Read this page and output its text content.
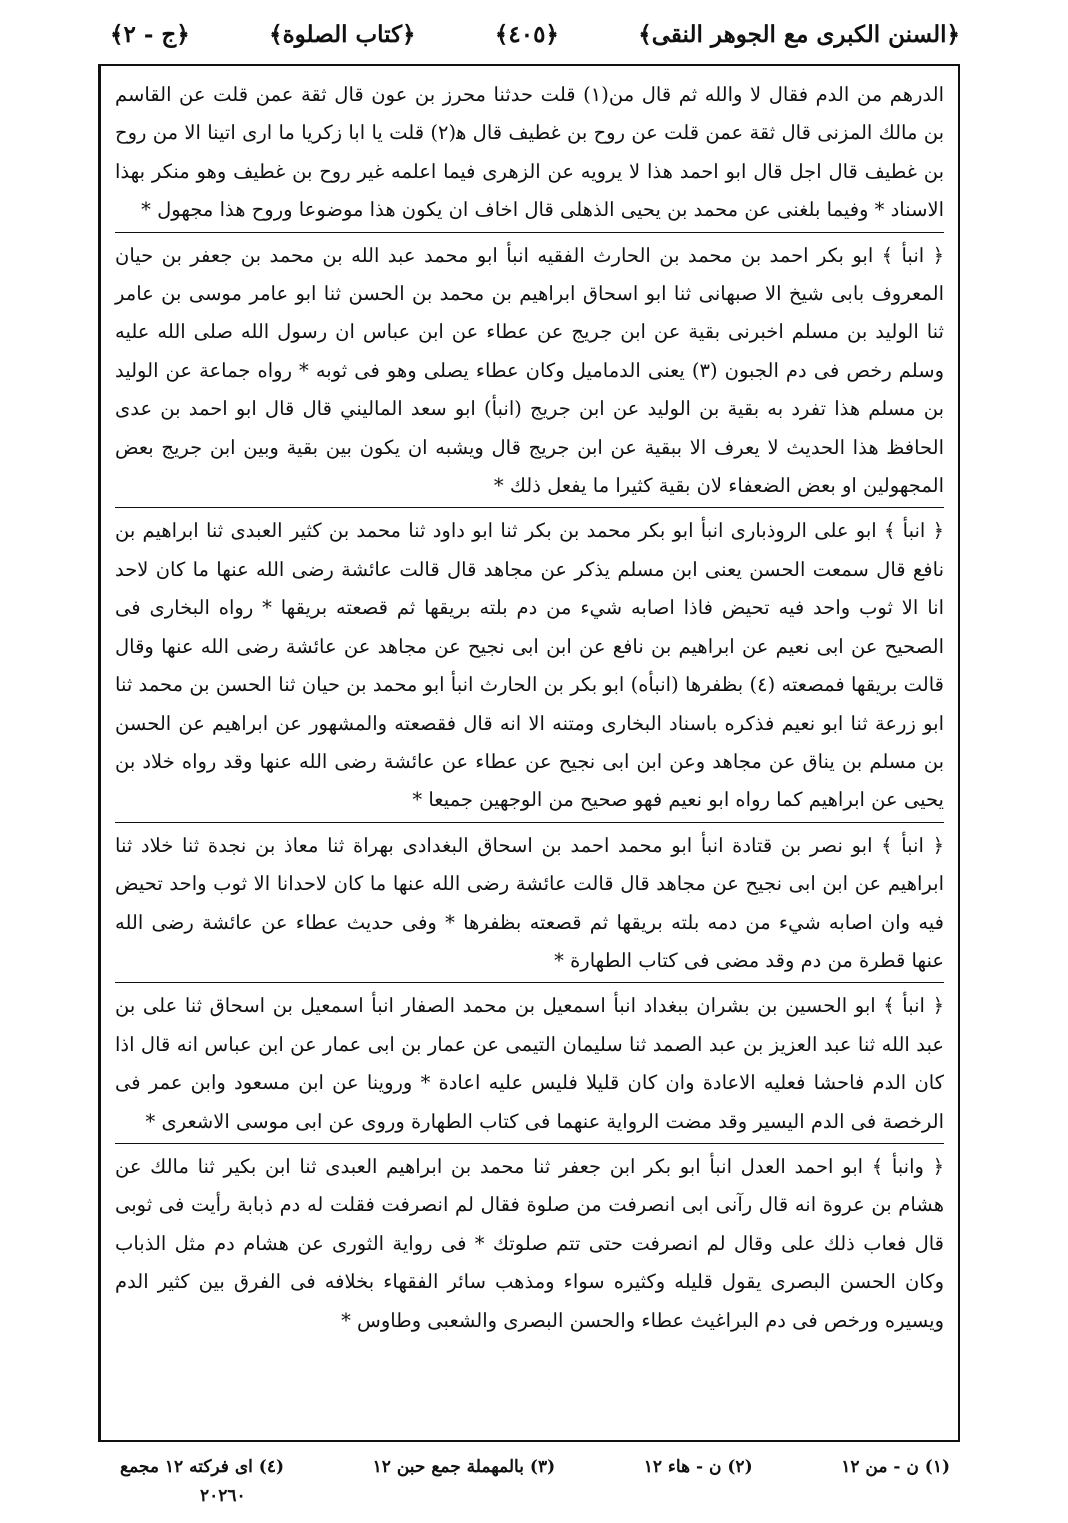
﴿السنن الكبرى مع الجوهر النقى﴾
﴿٤٠٥﴾
﴿كتاب الصلوة﴾
﴿ج - ٢﴾

الدرهم من الدم فقال لا والله ثم قال من(١) قلت حدثنا محرز بن عون قال ثقة عمن قلت عن القاسم بن مالك المزنى قال ثقة عمن قلت عن روح بن غطيف قال ه‍(٢) قلت يا ابا زكريا ما ارى اتينا الا من روح بن غطيف قال اجل قال ابو احمد هذا لا يرويه عن الزهرى فيما اعلمه غير روح بن غطيف وهو منكر بهذا الاسناد * وفيما بلغنى عن محمد بن يحيى الذهلى قال اخاف ان يكون هذا موضوعا وروح هذا مجهول *

﴿ انبأ ﴾ ابو بكر احمد بن محمد بن الحارث الفقيه انبأ ابو محمد عبد الله بن محمد بن جعفر بن حيان المعروف بابى شيخ الا صبهانى ثنا ابو اسحاق ابراهيم بن محمد بن الحسن ثنا ابو عامر موسى بن عامر ثنا الوليد بن مسلم اخبرنى بقية عن ابن جريج عن عطاء عن ابن عباس ان رسول الله صلى الله عليه وسلم رخص فى دم الجبون (٣) يعنى الدماميل وكان عطاء يصلى وهو فى ثوبه * رواه جماعة عن الوليد بن مسلم هذا تفرد به بقية بن الوليد عن ابن جريج (انبأ) ابو سعد الماليني قال قال ابو احمد بن عدى الحافظ هذا الحديث لا يعرف الا ببقية عن ابن جريج قال ويشبه ان يكون بين بقية وبين ابن جريج بعض المجهولين او بعض الضعفاء لان بقية كثيرا ما يفعل ذلك *

﴿ انبأ ﴾ ابو على الروذبارى انبأ ابو بكر محمد بن بكر ثنا ابو داود ثنا محمد بن كثير العبدى ثنا ابراهيم بن نافع قال سمعت الحسن يعنى ابن مسلم يذكر عن مجاهد قال قالت عائشة رضى الله عنها ما كان لاحد انا الا ثوب واحد فيه تحيض فاذا اصابه شيء من دم بلته بريقها ثم قصعته بريقها * رواه البخارى فى الصحيح عن ابى نعيم عن ابراهيم بن نافع عن ابن ابى نجيح عن مجاهد عن عائشة رضى الله عنها وقال قالت بريقها فمصعته (٤) بظفرها (انبأه) ابو بكر بن الحارث انبأ ابو محمد بن حيان ثنا الحسن بن محمد ثنا ابو زرعة ثنا ابو نعيم فذكره باسناد البخارى ومتنه الا انه قال فقصعته والمشهور عن ابراهيم عن الحسن بن مسلم بن يناق عن مجاهد وعن ابن ابى نجيح عن عطاء عن عائشة رضى الله عنها وقد رواه خلاد بن يحيى عن ابراهيم كما رواه ابو نعيم فهو صحيح من الوجهين جميعا *

﴿ انبأ ﴾ ابو نصر بن قتادة انبأ ابو محمد احمد بن اسحاق البغدادى بهراة ثنا معاذ بن نجدة ثنا خلاد ثنا ابراهيم عن ابن ابى نجيح عن مجاهد قال قالت عائشة رضى الله عنها ما كان لاحدانا الا ثوب واحد تحيض فيه وان اصابه شيء من دمه بلته بريقها ثم قصعته بظفرها * وفى حديث عطاء عن عائشة رضى الله عنها قطرة من دم وقد مضى فى كتاب الطهارة *

﴿ انبأ ﴾ ابو الحسين بن بشران ببغداد انبأ اسمعيل بن محمد الصفار انبأ اسمعيل بن اسحاق ثنا على بن عبد الله ثنا عبد العزيز بن عبد الصمد ثنا سليمان التيمى عن عمار بن ابى عمار عن ابن عباس انه قال اذا كان الدم فاحشا فعليه الاعادة وان كان قليلا فليس عليه اعادة * وروينا عن ابن مسعود وابن عمر فى الرخصة فى الدم اليسير وقد مضت الرواية عنهما فى كتاب الطهارة وروى عن ابى موسى الاشعرى *

﴿ وانبأ ﴾ ابو احمد العدل انبأ ابو بكر ابن جعفر ثنا محمد بن ابراهيم العبدى ثنا ابن بكير ثنا مالك عن هشام بن عروة انه قال رآنى ابى انصرفت من صلوة فقال لم انصرفت فقلت له دم ذبابة رأيت فى ثوبى قال فعاب ذلك على وقال لم انصرفت حتى تتم صلوتك * فى رواية الثورى عن هشام دم مثل الذباب وكان الحسن البصرى يقول قليله وكثيره سواء ومذهب سائر الفقهاء بخلافه فى الفرق بين كثير الدم ويسيره ورخص فى دم البراغيث عطاء والحسن البصرى والشعبى وطاوس *

(١) ن - من ١٢
(٢) ن - هاء ١٢
(٣) بالمهملة جمع حبن ١٢
(٤) اى فركته ١٢ مجمع
٢٠٢٦٠
